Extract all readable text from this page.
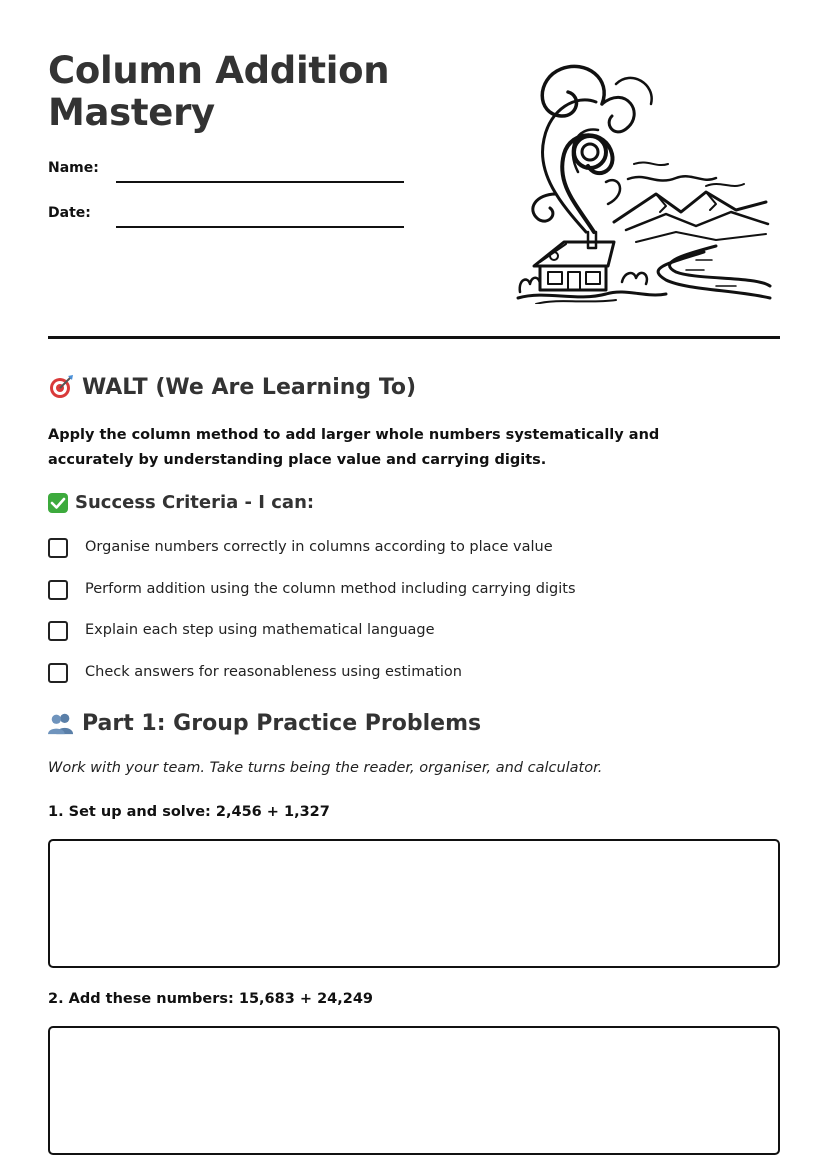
Column Addition
Mastery
Name:
Date:
WALT (We Are Learning To)
Apply the column method to add larger whole numbers systematically and accurately by understanding place value and carrying digits.
Success Criteria - I can:
Organise numbers correctly in columns according to place value
Perform addition using the column method including carrying digits
Explain each step using mathematical language
Check answers for reasonableness using estimation
Part 1: Group Practice Problems
Work with your team. Take turns being the reader, organiser, and calculator.
1. Set up and solve: 2,456 + 1,327
2. Add these numbers: 15,683 + 24,249
